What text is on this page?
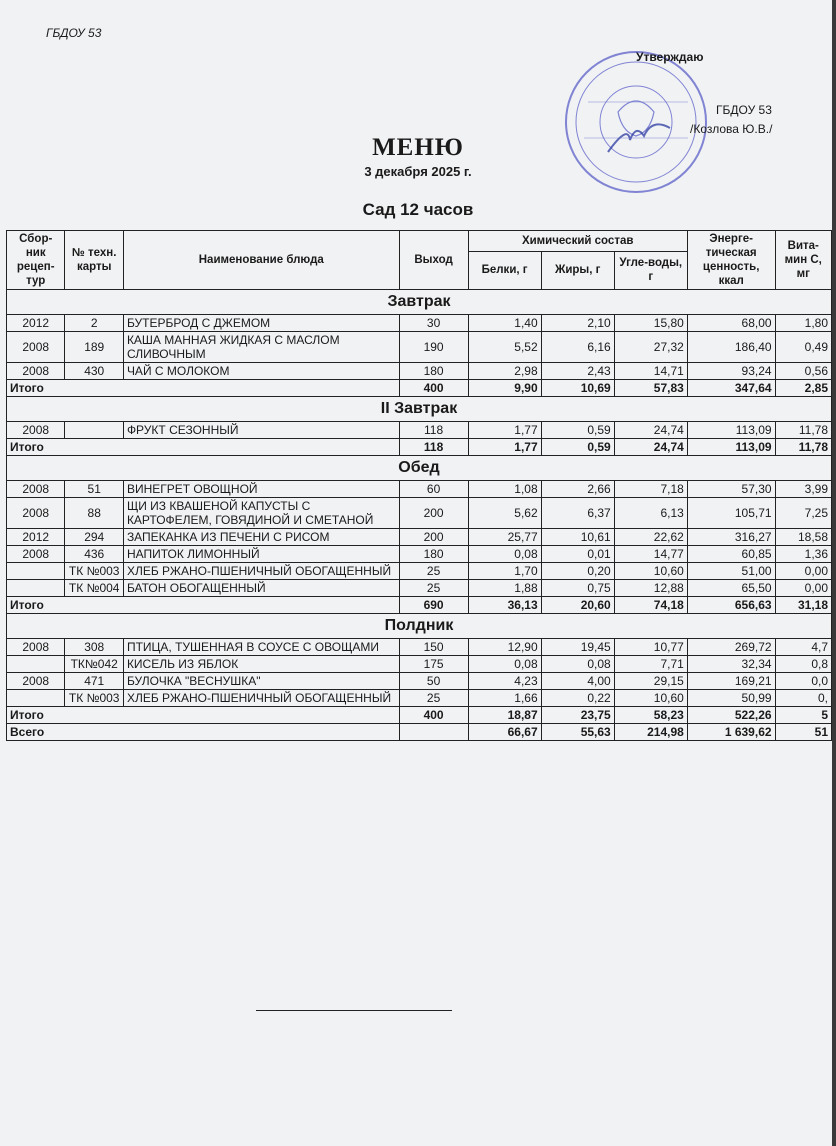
ГБДОУ 53
Утверждаю
ГБДОУ 53
/Козлова Ю.В./
МЕНЮ
3 декабря 2025 г.
Сад 12 часов
Сбор-ник рецеп-тур	№ техн. карты	Наименование блюда	Выход	Химический состав			Энерге-тическая ценность, ккал	Вита-мин С, мг
				Белки, г	Жиры, г	Угле-воды, г		
Завтрак								
2012	2	БУТЕРБРОД С ДЖЕМОМ	30	1,40	2,10	15,80	68,00	1,80
2008	189	КАША МАННАЯ ЖИДКАЯ С МАСЛОМ СЛИВОЧНЫМ	190	5,52	6,16	27,32	186,40	0,49
2008	430	ЧАЙ С МОЛОКОМ	180	2,98	2,43	14,71	93,24	0,56
Итого			400	9,90	10,69	57,83	347,64	2,85
II Завтрак								
2008		ФРУКТ СЕЗОННЫЙ	118	1,77	0,59	24,74	113,09	11,78
Итого			118	1,77	0,59	24,74	113,09	11,78
Обед								
2008	51	ВИНЕГРЕТ ОВОЩНОЙ	60	1,08	2,66	7,18	57,30	3,99
2008	88	ЩИ ИЗ КВАШЕНОЙ КАПУСТЫ С КАРТОФЕЛЕМ, ГОВЯДИНОЙ И СМЕТАНОЙ	200	5,62	6,37	6,13	105,71	7,25
2012	294	ЗАПЕКАНКА ИЗ ПЕЧЕНИ С РИСОМ	200	25,77	10,61	22,62	316,27	18,58
2008	436	НАПИТОК ЛИМОННЫЙ	180	0,08	0,01	14,77	60,85	1,36
	ТК №003	ХЛЕБ РЖАНО-ПШЕНИЧНЫЙ ОБОГАЩЕННЫЙ	25	1,70	0,20	10,60	51,00	0,00
	ТК №004	БАТОН ОБОГАЩЕННЫЙ	25	1,88	0,75	12,88	65,50	0,00
Итого			690	36,13	20,60	74,18	656,63	31,18
Полдник								
2008	308	ПТИЦА, ТУШЕННАЯ В СОУСЕ С ОВОЩАМИ	150	12,90	19,45	10,77	269,72	4,7
	ТК№042	КИСЕЛЬ ИЗ ЯБЛОК	175	0,08	0,08	7,71	32,34	0,8
2008	471	БУЛОЧКА "ВЕСНУШКА"	50	4,23	4,00	29,15	169,21	0,0
	ТК №003	ХЛЕБ РЖАНО-ПШЕНИЧНЫЙ ОБОГАЩЕННЫЙ	25	1,66	0,22	10,60	50,99	0,
Итого			400	18,87	23,75	58,23	522,26	5
Всего				66,67	55,63	214,98	1 639,62	51
